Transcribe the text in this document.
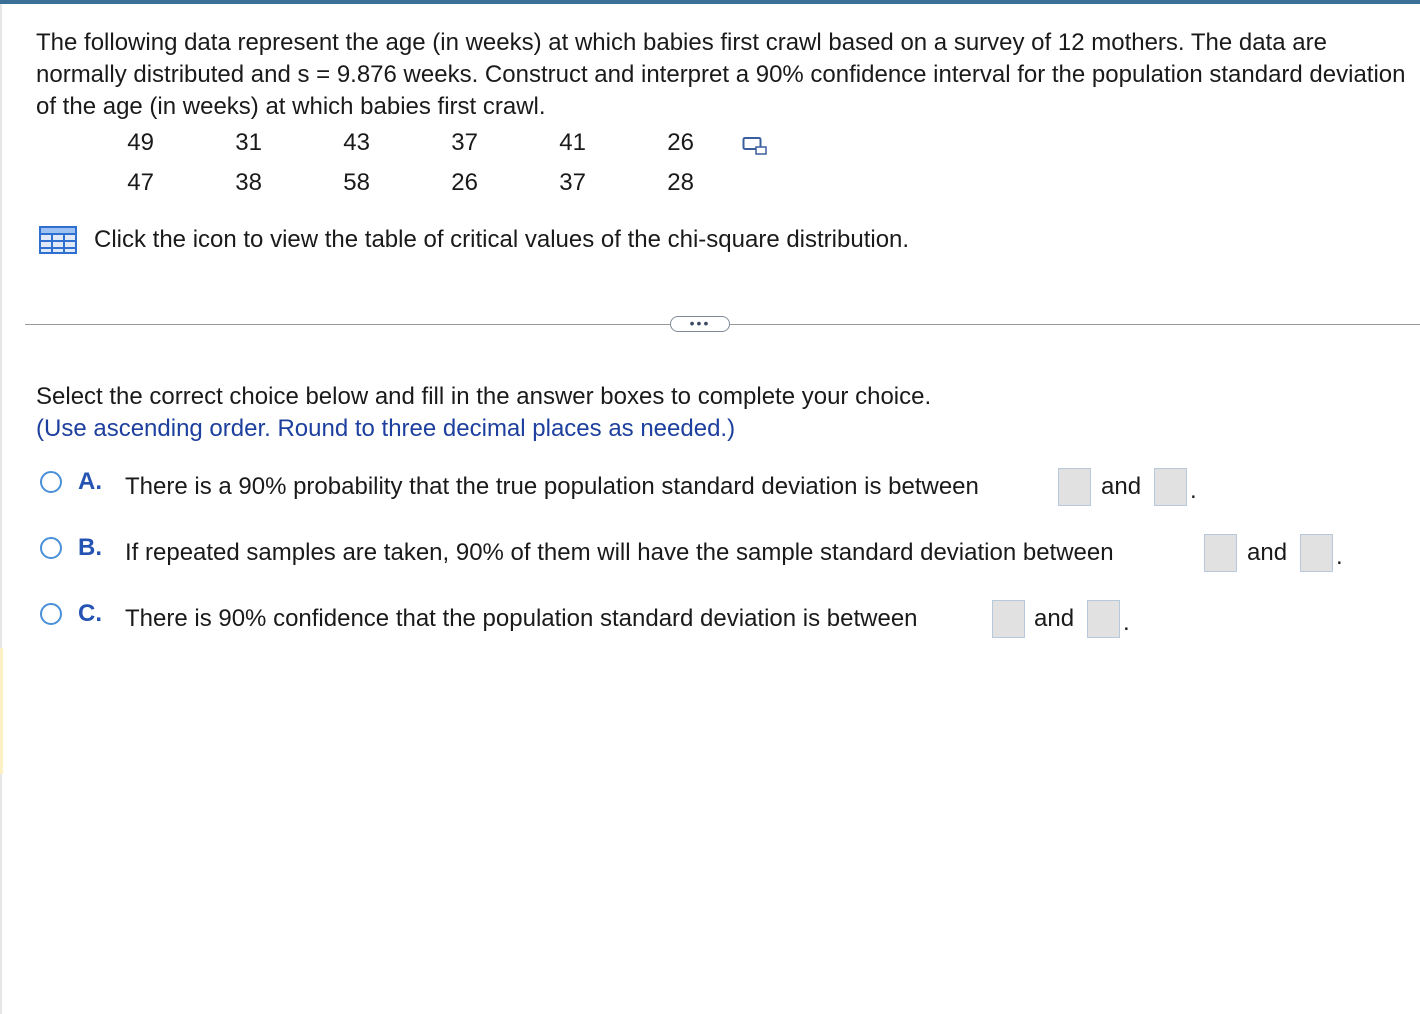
The following data represent the age (in weeks) at which babies first crawl based on a survey of 12 mothers. The data are normally distributed and s = 9.876 weeks. Construct and interpret a 90% confidence interval for the population standard deviation of the age (in weeks) at which babies first crawl.

49	31	43	37	41	26
47	38	58	26	37	28
Click the icon to view the table of critical values of the chi-square distribution.
•••
Select the correct choice below and fill in the answer boxes to complete your choice.
(Use ascending order. Round to three decimal places as needed.)
A. There is a 90% probability that the true population standard deviation is between	and .
B. If repeated samples are taken, 90% of them will have the sample standard deviation between	and .
C. There is 90% confidence that the population standard deviation is between	and .
